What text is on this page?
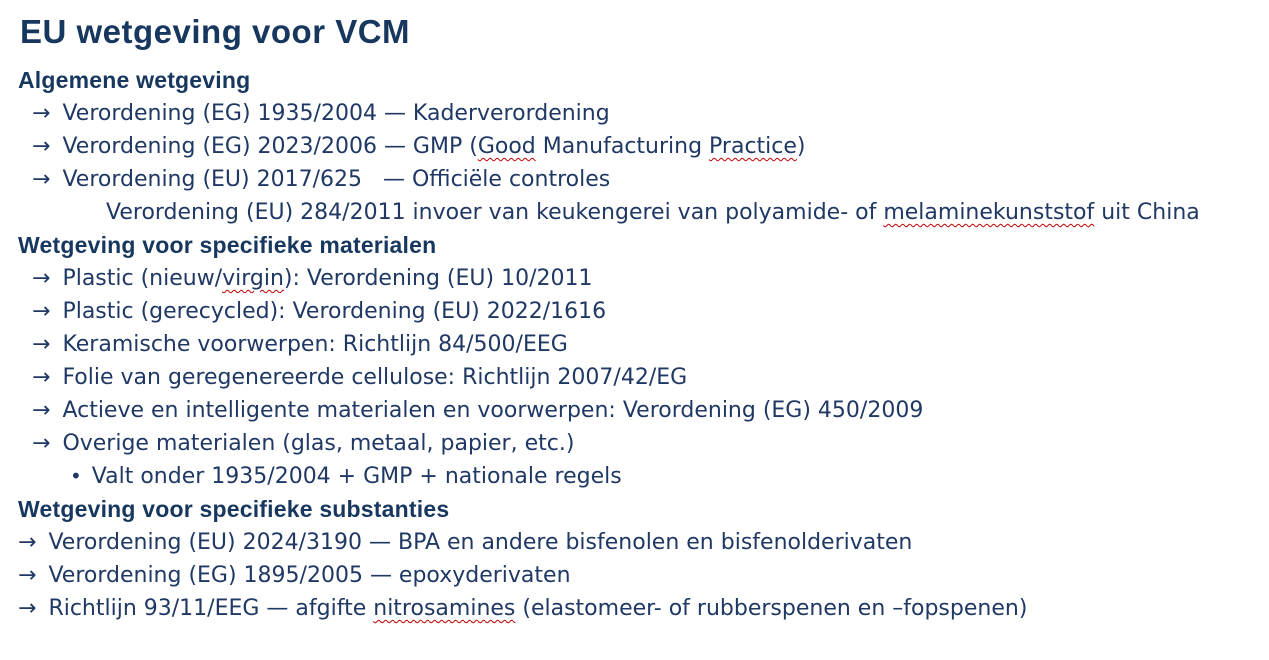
EU wetgeving voor VCM
Algemene wetgeving
→ Verordening (EG) 1935/2004 — Kaderverordening
→ Verordening (EG) 2023/2006 — GMP (Good Manufacturing Practice)
→ Verordening (EU) 2017/625   — Officiële controles
Verordening (EU) 284/2011 invoer van keukengerei van polyamide- of melaminekunststof uit China
Wetgeving voor specifieke materialen
→ Plastic (nieuw/virgin): Verordening (EU) 10/2011
→ Plastic (gerecycled): Verordening (EU) 2022/1616
→ Keramische voorwerpen: Richtlijn 84/500/EEG
→ Folie van geregenereerde cellulose: Richtlijn 2007/42/EG
→ Actieve en intelligente materialen en voorwerpen: Verordening (EG) 450/2009
→ Overige materialen (glas, metaal, papier, etc.)
• Valt onder 1935/2004 + GMP + nationale regels
Wetgeving voor specifieke substanties
→ Verordening (EU) 2024/3190 — BPA en andere bisfenolen en bisfenolderivaten
→ Verordening (EG) 1895/2005 — epoxyderivaten
→ Richtlijn 93/11/EEG — afgifte nitrosamines (elastomeer- of rubberspenen en –fopspenen)
